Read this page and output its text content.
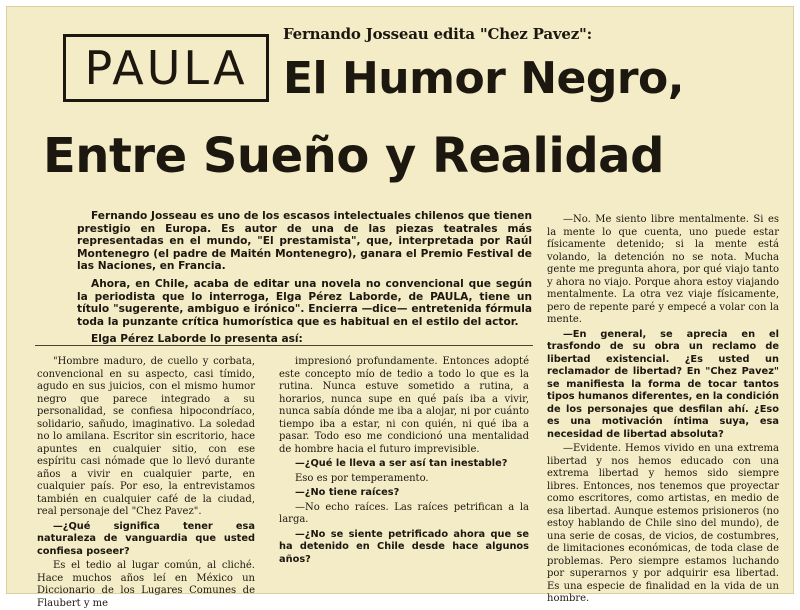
Fernando Josseau edita "Chez Pavez":
PAULA El Humor Negro,
Entre Sueño y Realidad

Fernando Josseau es uno de los escasos intelectuales chilenos que tienen prestigio en Europa. Es autor de una de las piezas teatrales más representadas en el mundo, "El prestamista", que, interpretada por Raúl Montenegro (el padre de Maitén Montenegro), ganara el Premio Festival de las Naciones, en Francia.

Ahora, en Chile, acaba de editar una novela no convencional que según la periodista que lo interroga, Elga Pérez Laborde, de PAULA, tiene un título "sugerente, ambiguo e irónico". Encierra —dice— entretenida fórmula toda la punzante crítica humorística que es habitual en el estilo del actor.

Elga Pérez Laborde lo presenta así:

"Hombre maduro, de cuello y corbata, convencional en su aspecto, casi tímido, agudo en sus juicios, con el mismo humor negro que parece integrado a su personalidad, se confiesa hipocondríaco, solidario, sañudo, imaginativo. La soledad no lo amilana. Escritor sin escritorio, hace apuntes en cualquier sitio, con ese espíritu casi nómade que lo llevó durante años a vivir en cualquier parte, en cualquier país. Por eso, la entrevistamos también en cualquier café de la ciudad, real personaje del "Chez Pavez".

—¿Qué significa tener esa naturaleza de vanguardia que usted confiesa poseer?

Es el tedio al lugar común, al cliché. Hace muchos años leí en México un Diccionario de los Lugares Comunes de Flaubert y me

impresionó profundamente. Entonces adopté este concepto mío de tedio a todo lo que es la rutina. Nunca estuve sometido a rutina, a horarios, nunca supe en qué país iba a vivir, nunca sabía dónde me iba a alojar, ni por cuánto tiempo iba a estar, ni con quién, ni qué iba a pasar. Todo eso me condicionó una mentalidad de hombre hacia el futuro imprevisible.

—¿Qué le lleva a ser así tan inestable?

Eso es por temperamento.

—¿No tiene raíces?

—No echo raíces. Las raíces petrifican a la larga.

—¿No se siente petrificado ahora que se ha detenido en Chile desde hace algunos años?

—No. Me siento libre mentalmente. Si es la mente lo que cuenta, uno puede estar físicamente detenido; si la mente está volando, la detención no se nota. Mucha gente me pregunta ahora, por qué viajo tanto y ahora no viajo. Porque ahora estoy viajando mentalmente. La otra vez viaje físicamente, pero de repente paré y empecé a volar con la mente.

—En general, se aprecia en el trasfondo de su obra un reclamo de libertad existencial. ¿Es usted un reclamador de libertad? En "Chez Pavez" se manifiesta la forma de tocar tantos tipos humanos diferentes, en la condición de los personajes que desfilan ahí. ¿Eso es una motivación íntima suya, esa necesidad de libertad absoluta?

—Evidente. Hemos vivido en una extrema libertad y nos hemos educado con una extrema libertad y hemos sido siempre libres. Entonces, nos tenemos que proyectar como escritores, como artistas, en medio de esa libertad. Aunque estemos prisioneros (no estoy hablando de Chile sino del mundo), de una serie de cosas, de vicios, de costumbres, de limitaciones económicas, de toda clase de problemas. Pero siempre estamos luchando por superarnos y por adquirir esa libertad. Es una especie de finalidad en la vida de un hombre.
